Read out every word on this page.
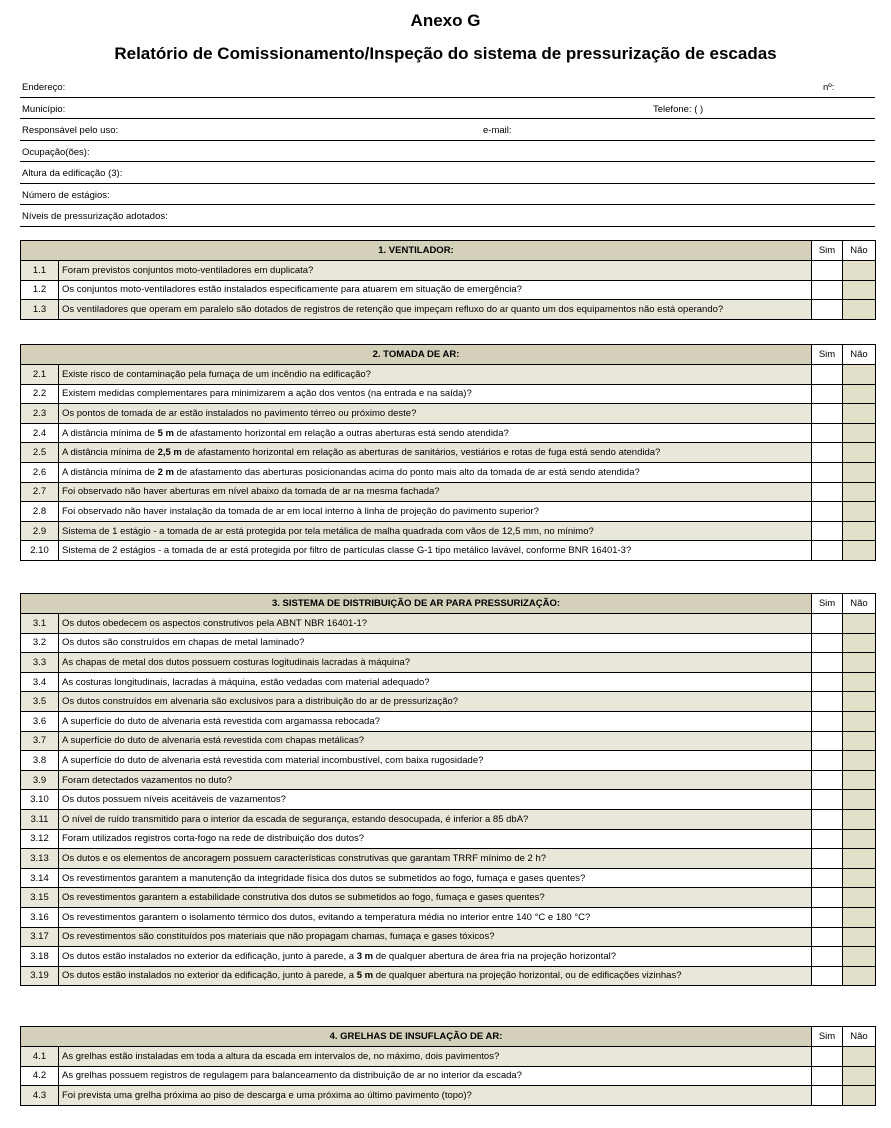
Anexo G
Relatório de Comissionamento/Inspeção do sistema de pressurização de escadas
Endereço:	nº:
Município:	Telefone: ( )
Responsável pelo uso:	e-mail:
Ocupação(ões):
Altura da edificação (3):
Número de estágios:
Níveis de pressurização adotados:
1. VENTILADOR:		Sim	Não
1.1	Foram previstos conjuntos moto-ventiladores em duplicata?		
1.2	Os conjuntos moto-ventiladores estão instalados especificamente para atuarem em situação de emergência?		
1.3	Os ventiladores que operam em paralelo são dotados de registros de retenção que impeçam refluxo do ar quanto um dos equipamentos não está operando?		
2. TOMADA DE AR:		Sim	Não
2.1	Existe risco de contaminação pela fumaça de um incêndio na edificação?		
2.2	Existem medidas complementares para minimizarem a ação dos ventos (na entrada e na saída)?		
2.3	Os pontos de tomada de ar estão instalados no pavimento térreo ou próximo deste?		
2.4	A distância mínima de 5 m de afastamento horizontal em relação a outras aberturas está sendo atendida?		
2.5	A distância mínima de 2,5 m de afastamento horizontal em relação as aberturas de sanitários, vestiários e rotas de fuga está sendo atendida?		
2.6	A distância mínima de 2 m de afastamento das aberturas posicionandas acima do ponto mais alto da tomada de ar está sendo atendida?		
2.7	Foi observado não haver aberturas em nível abaixo da tomada de ar na mesma fachada?		
2.8	Foi observado não haver instalação da tomada de ar em local interno à linha de projeção do pavimento superior?		
2.9	Sistema de 1 estágio - a tomada de ar está protegida por tela metálica de malha quadrada com vãos de 12,5 mm, no mínimo?		
2.10	Sistema de 2 estágios - a tomada de ar está protegida por filtro de partículas classe G-1 tipo metálico lavável, conforme BNR 16401-3?		
3. SISTEMA DE DISTRIBUIÇÃO DE AR PARA PRESSURIZAÇÃO:		Sim	Não
3.1	Os dutos obedecem os aspectos construtivos pela ABNT NBR 16401-1?		
3.2	Os dutos são construídos em chapas de metal laminado?		
3.3	As chapas de metal dos dutos possuem costuras logitudinais lacradas à máquina?		
3.4	As costuras longitudinais, lacradas à máquina, estão vedadas com material adequado?		
3.5	Os dutos construídos em alvenaria são exclusivos para a distribuição do ar de pressurização?		
3.6	A superfície do duto de alvenaria está revestida com argamassa rebocada?		
3.7	A superfície do duto de alvenaria está revestida com chapas metálicas?		
3.8	A superfície do duto de alvenaria está revestida com material incombustível, com baixa rugosidade?		
3.9	Foram detectados vazamentos no duto?		
3.10	Os dutos possuem níveis aceitáveis de vazamentos?		
3.11	O nível de ruído transmitido para o interior da escada de segurança, estando desocupada, é inferior a 85 dbA?		
3.12	Foram utilizados registros corta-fogo na rede de distribuição dos dutos?		
3.13	Os dutos e os elementos de ancoragem possuem características construtivas que garantam TRRF mínimo de 2 h?		
3.14	Os revestimentos garantem a manutenção da integridade física dos dutos se submetidos ao fogo, fumaça e gases quentes?		
3.15	Os revestimentos garantem a estabilidade construtiva dos dutos se submetidos ao fogo, fumaça e gases quentes?		
3.16	Os revestimentos garantem o isolamento térmico dos dutos, evitando a temperatura média no interior entre 140 °C e 180 °C?		
3.17	Os revestimentos são constituídos pos materiais que não propagam chamas, fumaça e gases tóxicos?		
3.18	Os dutos estão instalados no exterior da edificação, junto à parede, a 3 m de qualquer abertura de área fria na projeção horizontal?		
3.19	Os dutos estão instalados no exterior da edificação, junto à parede, a 5 m de qualquer abertura na projeção horizontal, ou de edificações vizinhas?		
4. GRELHAS DE INSUFLAÇÃO DE AR:		Sim	Não
4.1	As grelhas estão instaladas em toda a altura da escada em intervalos de, no máximo, dois pavimentos?		
4.2	As grelhas possuem registros de regulagem para balanceamento da distribuição de ar no interior da escada?		
4.3	Foi prevista uma grelha próxima ao piso de descarga e uma próxima ao último pavimento (topo)?		
